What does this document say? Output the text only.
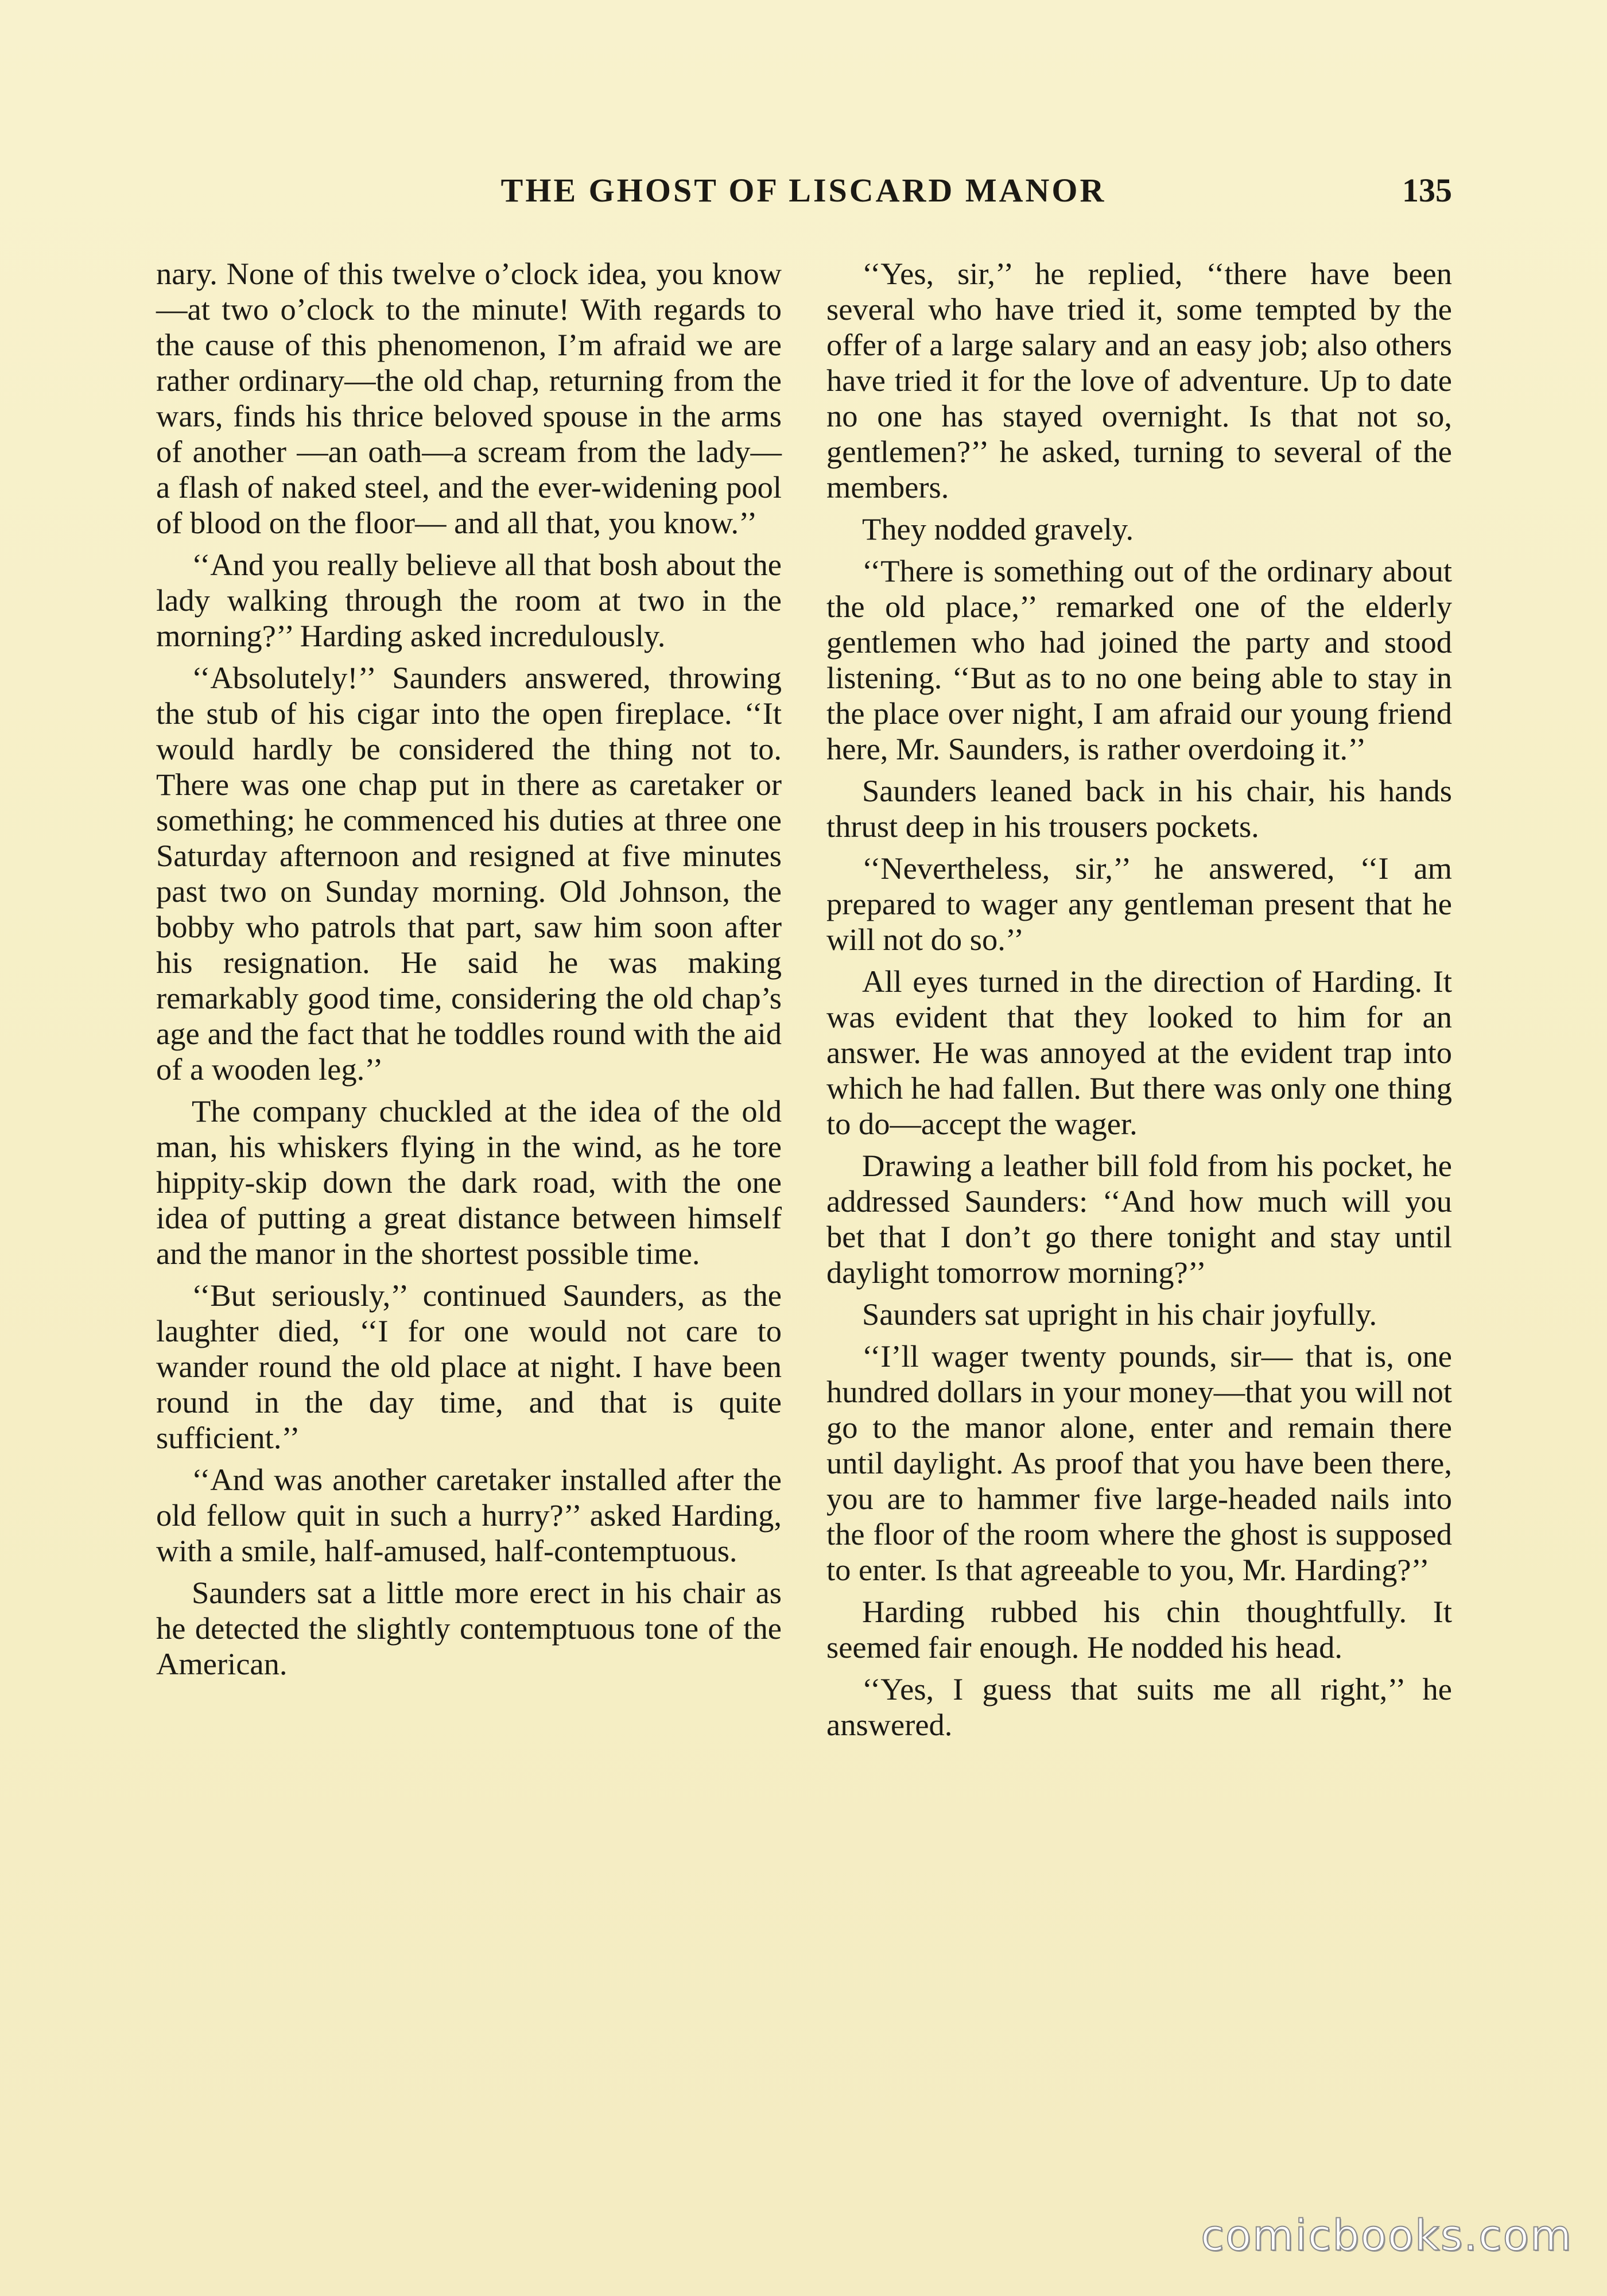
THE GHOST OF LISCARD MANOR	135

nary. None of this twelve o’clock idea, you know—at two o’clock to the minute! With regards to the cause of this phenomenon, I’m afraid we are rather ordinary—the old chap, returning from the wars, finds his thrice beloved spouse in the arms of another —an oath—a scream from the lady— a flash of naked steel, and the ever-widening pool of blood on the floor— and all that, you know.’’

‘‘And you really believe all that bosh about the lady walking through the room at two in the morning?’’ Harding asked incredulously.

‘‘Absolutely!’’ Saunders answered, throwing the stub of his cigar into the open fireplace. ‘‘It would hardly be considered the thing not to. There was one chap put in there as caretaker or something; he commenced his duties at three one Saturday afternoon and resigned at five minutes past two on Sunday morning. Old Johnson, the bobby who patrols that part, saw him soon after his resignation. He said he was making remarkably good time, considering the old chap’s age and the fact that he toddles round with the aid of a wooden leg.’’

The company chuckled at the idea of the old man, his whiskers flying in the wind, as he tore hippity-skip down the dark road, with the one idea of putting a great distance between himself and the manor in the shortest possible time.

‘‘But seriously,’’ continued Saunders, as the laughter died, ‘‘I for one would not care to wander round the old place at night. I have been round in the day time, and that is quite sufficient.’’

‘‘And was another caretaker installed after the old fellow quit in such a hurry?’’ asked Harding, with a smile, half-amused, half-contemptuous.

Saunders sat a little more erect in his chair as he detected the slightly contemptuous tone of the American.

‘‘Yes, sir,’’ he replied, ‘‘there have been several who have tried it, some tempted by the offer of a large salary and an easy job; also others have tried it for the love of adventure. Up to date no one has stayed overnight. Is that not so, gentlemen?’’ he asked, turning to several of the members.

They nodded gravely.

‘‘There is something out of the ordinary about the old place,’’ remarked one of the elderly gentlemen who had joined the party and stood listening. ‘‘But as to no one being able to stay in the place over night, I am afraid our young friend here, Mr. Saunders, is rather overdoing it.’’

Saunders leaned back in his chair, his hands thrust deep in his trousers pockets.

‘‘Nevertheless, sir,’’ he answered, ‘‘I am prepared to wager any gentleman present that he will not do so.’’

All eyes turned in the direction of Harding. It was evident that they looked to him for an answer. He was annoyed at the evident trap into which he had fallen. But there was only one thing to do—accept the wager.

Drawing a leather bill fold from his pocket, he addressed Saunders: ‘‘And how much will you bet that I don’t go there tonight and stay until daylight tomorrow morning?’’

Saunders sat upright in his chair joyfully.

‘‘I’ll wager twenty pounds, sir— that is, one hundred dollars in your money—that you will not go to the manor alone, enter and remain there until daylight. As proof that you have been there, you are to hammer five large-headed nails into the floor of the room where the ghost is supposed to enter. Is that agreeable to you, Mr. Harding?’’

Harding rubbed his chin thoughtfully. It seemed fair enough. He nodded his head.

‘‘Yes, I guess that suits me all right,’’ he answered.

comicbooks.com
